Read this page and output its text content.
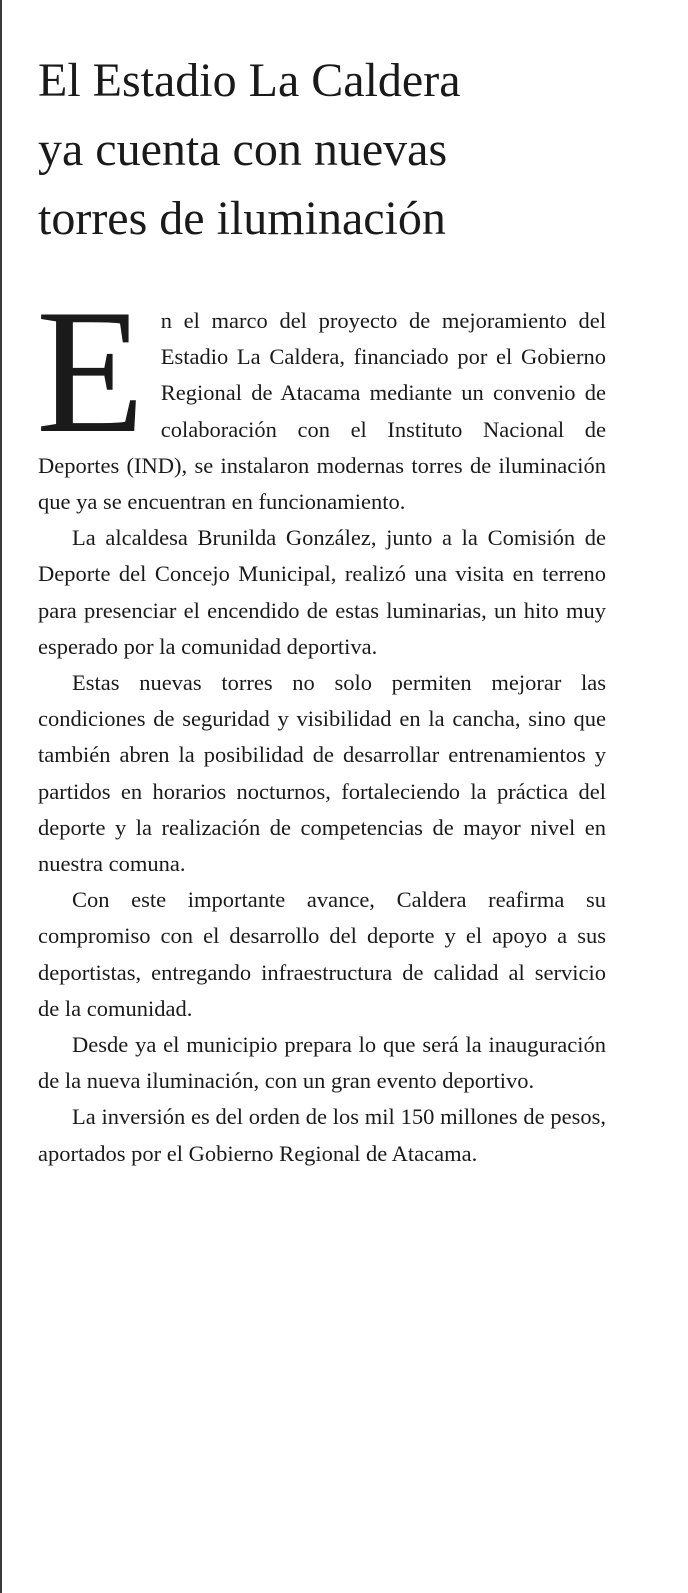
El Estadio La Caldera
ya cuenta con nuevas
torres de iluminación
E n el marco del proyecto de mejoramiento del Estadio La Caldera, financiado por el Gobierno Regional de Atacama mediante un convenio de colaboración con el Instituto Nacional de Deportes (IND), se instalaron modernas torres de iluminación que ya se encuentran en funcionamiento.

La alcaldesa Brunilda González, junto a la Comisión de Deporte del Concejo Municipal, realizó una visita en terreno para presenciar el encendido de estas luminarias, un hito muy esperado por la comunidad deportiva.

Estas nuevas torres no solo permiten mejorar las condiciones de seguridad y visibilidad en la cancha, sino que también abren la posibilidad de desarrollar entrenamientos y partidos en horarios nocturnos, fortaleciendo la práctica del deporte y la realización de competencias de mayor nivel en nuestra comuna.

Con este importante avance, Caldera reafirma su compromiso con el desarrollo del deporte y el apoyo a sus deportistas, entregando infraestructura de calidad al servicio de la comunidad.

Desde ya el municipio prepara lo que será la inauguración de la nueva iluminación, con un gran evento deportivo.

La inversión es del orden de los mil 150 millones de pesos, aportados por el Gobierno Regional de Atacama.
